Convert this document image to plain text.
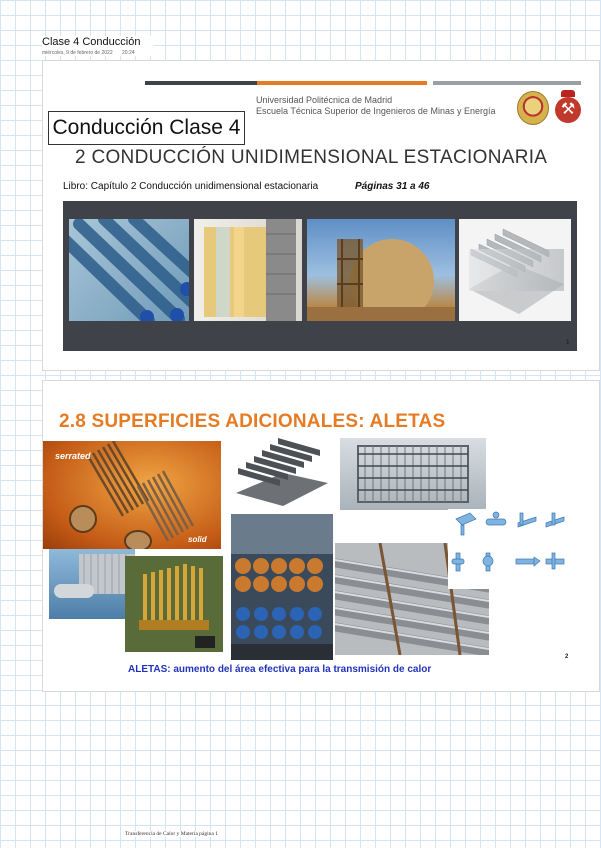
Clase 4 Conducción
miércoles, 9 de febrero de 2022 20:24
Universidad Politécnica de Madrid
Escuela Técnica Superior de Ingenieros de Minas y Energía	⚒
Conducción Clase 4
2 CONDUCCIÓN UNIDIMENSIONAL ESTACIONARIA
Libro: Capítulo 2 Conducción unidimensional estacionaria	Páginas 31 a 46
1
2.8 SUPERFICIES ADICIONALES: ALETAS
serrated
solid
ALETAS: aumento del área efectiva para la transmisión de calor
2
Transferencia de Calor y Materia página 1
